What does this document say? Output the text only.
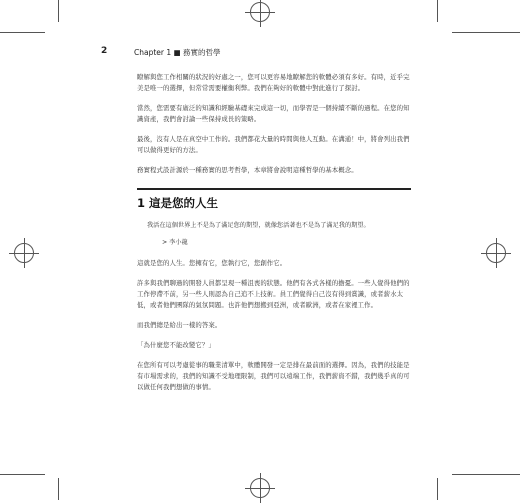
2	Chapter 1 ■ 務實的哲學

瞭解與您工作相關的狀況的好處之一，您可以更容易地瞭解您的軟體必須有多好。有時，近乎完美是唯一的選擇，但常常需要權衡利弊。我們在夠好的軟體中對此進行了探討。

當然，您需要有廣泛的知識和經驗基礎來完成這一切，而學習是一個持續不斷的過程。在您的知識資產，我們會討論一些保持成長的策略。

最後，沒有人是在真空中工作的。我們都花大量的時間與他人互動。在溝通！中，將會列出我們可以做得更好的方法。

務實程式設計源於一種務實的思考哲學，本章將會說明這種哲學的基本概念。

1 這是您的人生

我活在這個世界上不是為了滿足您的期望，就像您活著也不是為了滿足我的期望。

> 李小龍

這就是您的人生。您擁有它，您執行它，您創作它。

許多與我們聊過的開發人員都呈現一種沮喪的狀態。他們有各式各樣的擔憂。一些人覺得他們的工作停滯不前，另一些人則認為自己追不上技術。員工們覺得自己沒有得到賞識，或者薪水太低，或者他們團隊的氣氛問題。也許他們想搬到亞洲，或者歐洲，或者在家裡工作。

而我們總是給出一樣的答案。

「為什麼您不能改變它？」

在您所有可以考慮從事的職業清單中，軟體開發一定是排在最前面的選擇。因為，我們的技能是有市場需求的，我們的知識不受地理限制，我們可以遠端工作，我們薪資不錯，我們幾乎真的可以做任何我們想做的事情。
